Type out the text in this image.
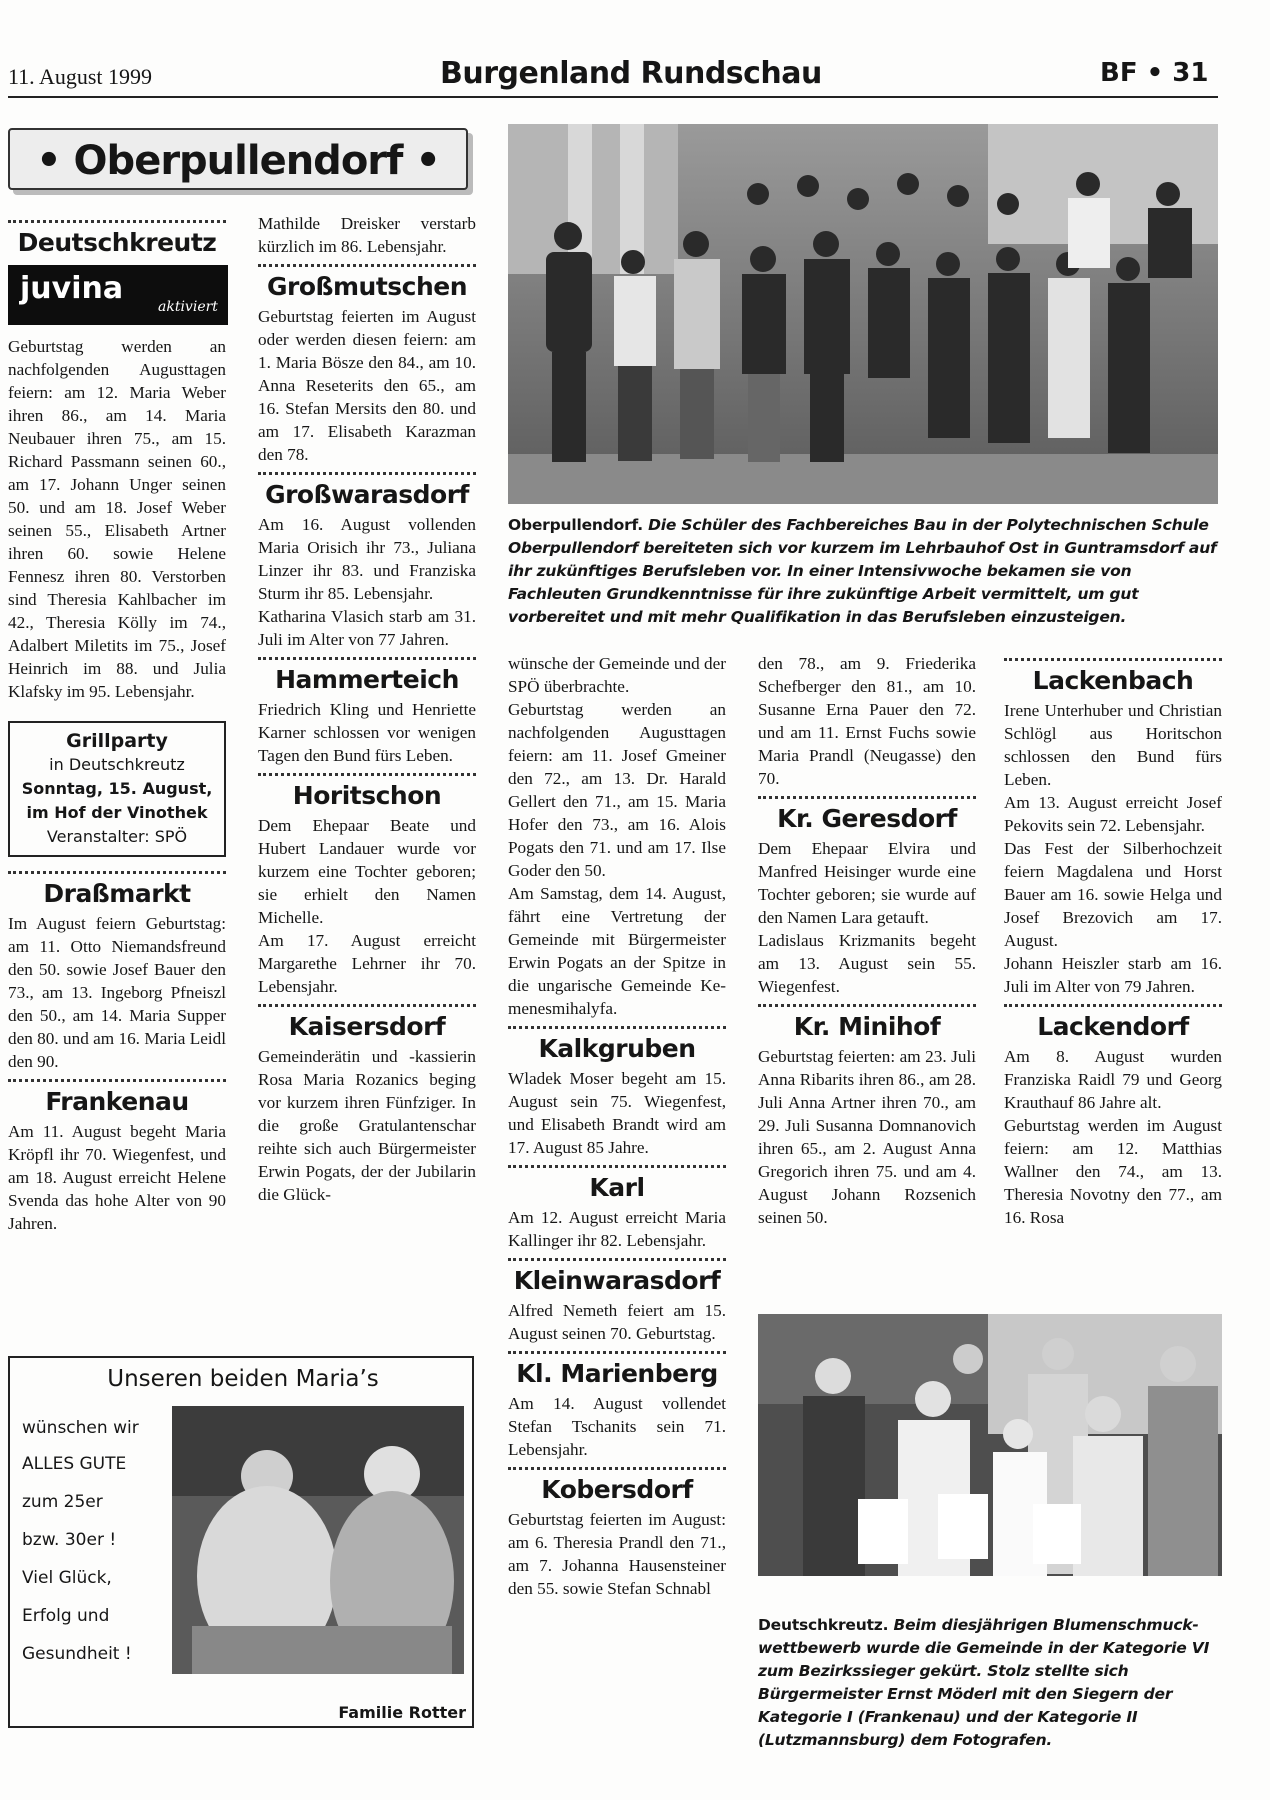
11. August 1999	Burgenland Rundschau	BF • 31
• Oberpullendorf •
Deutschkreutz
juvina
aktiviert

Geburtstag werden an nachfolgenden Augusttagen feiern: am 12. Maria Weber ihren 86., am 14. Maria Neubauer ihren 75., am 15. Richard Passmann seinen 60., am 17. Johann Unger seinen 50. und am 18. Josef Weber seinen 55., Elisabeth Artner ihren 60. sowie Helene Fennesz ihren 80. Verstorben sind Theresia Kahlbacher im 42., Theresia Kölly im 74., Adalbert Miletits im 75., Josef Heinrich im 88. und Julia Klafsky im 95. Lebensjahr.

Grillparty
in Deutschkreutz
Sonntag, 15. August,
im Hof der Vinothek
Veranstalter: SPÖ
Draßmarkt

Im August feiern Geburtstag: am 11. Otto Niemandsfreund den 50. sowie Josef Bauer den 73., am 13. Ingeborg Pfneiszl den 50., am 14. Maria Supper den 80. und am 16. Maria Leidl den 90.

Frankenau

Am 11. August begeht Maria Kröpfl ihr 70. Wiegenfest, und am 18. August erreicht Helene Svenda das hohe Alter von 90 Jahren.

Mathilde Dreisker verstarb kürzlich im 86. Lebensjahr.

Großmutschen

Geburtstag feierten im August oder werden diesen feiern: am 1. Maria Bösze den 84., am 10. Anna Reseterits den 65., am 16. Stefan Mersits den 80. und am 17. Elisabeth Karazman den 78.

Großwarasdorf

Am 16. August vollenden Maria Orisich ihr 73., Juliana Linzer ihr 83. und Franziska Sturm ihr 85. Lebensjahr.

Katharina Vlasich starb am 31. Juli im Alter von 77 Jahren.

Hammerteich

Friedrich Kling und Henriette Karner schlossen vor wenigen Tagen den Bund fürs Leben.

Horitschon

Dem Ehepaar Beate und Hubert Landauer wurde vor kurzem eine Tochter geboren; sie erhielt den Namen Michelle.

Am 17. August erreicht Margarethe Lehrner ihr 70. Lebensjahr.

Kaisersdorf

Gemeinderätin und -kassierin Rosa Maria Rozanics beging vor kurzem ihren Fünfziger. In die große Gratulantenschar reihte sich auch Bürgermeister Erwin Pogats, der der Jubilarin die Glück-

Oberpullendorf. Die Schüler des Fachbereiches Bau in der Polytechnischen Schule Oberpullendorf bereiteten sich vor kurzem im Lehrbauhof Ost in Guntramsdorf auf ihr zukünftiges Berufsleben vor. In einer Intensivwoche bekamen sie von Fachleuten Grundkenntnisse für ihre zukünftige Arbeit vermittelt, um gut vorbereitet und mit mehr Qualifikation in das Berufsleben einzusteigen.

wünsche der Gemeinde und der SPÖ überbrachte.

Geburtstag werden an nachfolgenden Augusttagen feiern: am 11. Josef Gmeiner den 72., am 13. Dr. Harald Gellert den 71., am 15. Maria Hofer den 73., am 16. Alois Pogats den 71. und am 17. Ilse Goder den 50.

Am Samstag, dem 14. August, fährt eine Vertretung der Gemeinde mit Bürgermeister Erwin Pogats an der Spitze in die ungarische Gemeinde Kemenesmihalyfa.

Kalkgruben

Wladek Moser begeht am 15. August sein 75. Wiegenfest, und Elisabeth Brandt wird am 17. August 85 Jahre.

Karl

Am 12. August erreicht Maria Kallinger ihr 82. Lebensjahr.

Kleinwarasdorf

Alfred Nemeth feiert am 15. August seinen 70. Geburtstag.

Kl. Marienberg

Am 14. August vollendet Stefan Tschanits sein 71. Lebensjahr.

Kobersdorf

Geburtstag feierten im August: am 6. Theresia Prandl den 71., am 7. Johanna Hausensteiner den 55. sowie Stefan Schnabl

den 78., am 9. Friederika Schefberger den 81., am 10. Susanne Erna Pauer den 72. und am 11. Ernst Fuchs sowie Maria Prandl (Neugasse) den 70.

Kr. Geresdorf

Dem Ehepaar Elvira und Manfred Heisinger wurde eine Tochter geboren; sie wurde auf den Namen Lara getauft.

Ladislaus Krizmanits begeht am 13. August sein 55. Wiegenfest.

Kr. Minihof

Geburtstag feierten: am 23. Juli Anna Ribarits ihren 86., am 28. Juli Anna Artner ihren 70., am 29. Juli Susanna Domnanovich ihren 65., am 2. August Anna Gregorich ihren 75. und am 4. August Johann Rozsenich seinen 50.

Lackenbach

Irene Unterhuber und Christian Schlögl aus Horitschon schlossen den Bund fürs Leben.

Am 13. August erreicht Josef Pekovits sein 72. Lebensjahr.

Das Fest der Silberhochzeit feiern Magdalena und Horst Bauer am 16. sowie Helga und Josef Brezovich am 17. August.

Johann Heiszler starb am 16. Juli im Alter von 79 Jahren.

Lackendorf

Am 8. August wurden Franziska Raidl 79 und Georg Krauthauf 86 Jahre alt.

Geburtstag werden im August feiern: am 12. Matthias Wallner den 74., am 13. Theresia Novotny den 77., am 16. Rosa

Unseren beiden Maria’s
wünschen wir
ALLES GUTE
zum 25er
bzw. 30er !
Viel Glück,
Erfolg und
Gesundheit !
Familie Rotter
Deutschkreutz. Beim diesjährigen Blumenschmuckwettbewerb wurde die Gemeinde in der Kategorie VI zum Bezirkssieger gekürt. Stolz stellte sich Bürgermeister Ernst Möderl mit den Siegern der Kategorie I (Frankenau) und der Kategorie II (Lutzmannsburg) dem Fotografen.
